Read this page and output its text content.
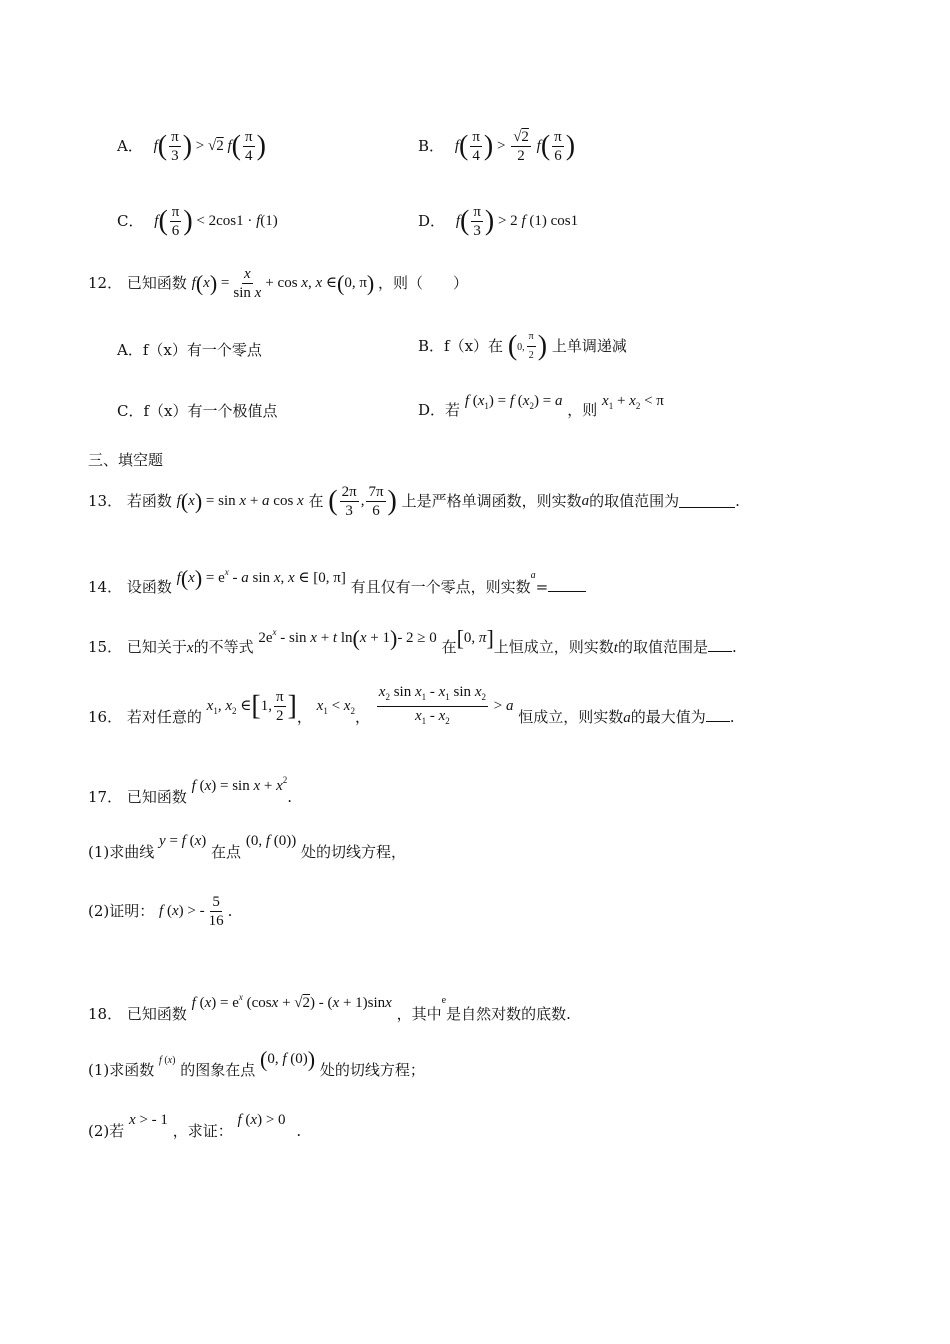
A． $f( \frac{\pi}{3}$ ) > √2 $f( \frac{\pi}{4}$ )	B． $f( \frac{\pi}{4}$ ) > $\frac{√2}{2} f( \frac{\pi}{6}$ )
C． $f( \frac{\pi}{6}$ ) < 2cos1 · f(1)	D． $f( \frac{\pi}{3}$ ) > 2 f (1) cos1
12． 已知函数 $f(x) = \frac{x}{\text{sin x}} + \cos x$, x ∈(0, π) ，则（　　）
A．f（x）有一个零点	B．f（x）在 (0, $\frac{\pi}{2}$ ) 上单调递减
C．f（x）有一个极值点	D．若 f $(x_1) = f$ $(x_2) = a$ ，则 $x_1 + x_2 < \pi$
三、填空题
13． 若函数 f(x) = sin x + a cos x 在 ( $\frac{2\pi}{3}$ , $\frac{7\pi}{6}$ ) 上是严格单调函数，则实数a的取值范围为	.
14． 设函数 $f(x) = e^x - a$ sin x, x ∈ [0, π] 有且仅有一个零点，则实数$^a$=
15． 已知关于x的不等式 $2e^x - \sin x + t$ ln(x + 1)- 2 ≥ 0 在[0, π]上恒成立，则实数t的取值范围是 .
16． 若对任意的 $x_1$, $x_2$ ∈[1, $\frac{\pi}{2}$ ]， $x_1 < x_2$， $\frac{x_2 \sin x_1 - x_1 \sin x_2}{x_1 - x_2} > a$ 恒成立，则实数a的最大值为 .
17． 已知函数 f $(x) = \sin x + x^2$.
(1)求曲线 y = f (x) 在点 (0, f (0)) 处的切线方程，
(2)证明： f (x) > - $\frac{5}{16}$ .
18． 已知函数 f $(x) = e^x$ (cosx + √2) - (x + 1)sinx ，其中$^e$是自然对数的底数.
(1)求函数 f (x) 的图象在点 (0, f (0)) 处的切线方程；
(2)若 x > - 1 ，求证： f (x) > 0 .
